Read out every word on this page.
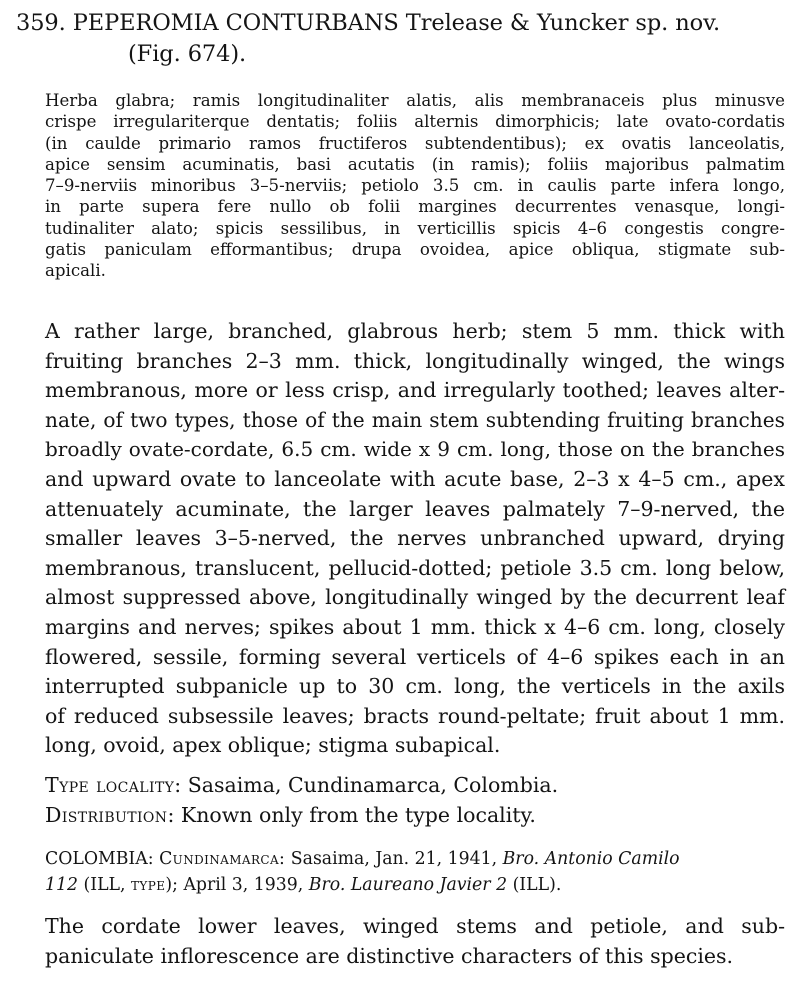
359. PEPEROMIA CONTURBANS Trelease & Yuncker sp. nov.
(Fig. 674).
Herba glabra; ramis longitudinaliter alatis, alis membranaceis plus minusve
crispe irregulariterque dentatis; foliis alternis dimorphicis; late ovato-cordatis
(in caulde primario ramos fructiferos subtendentibus); ex ovatis lanceolatis,
apice sensim acuminatis, basi acutatis (in ramis); foliis majoribus palmatim
7–9-nerviis minoribus 3–5-nerviis; petiolo 3.5 cm. in caulis parte infera longo,
in parte supera fere nullo ob folii margines decurrentes venasque, longi-
tudinaliter alato; spicis sessilibus, in verticillis spicis 4–6 congestis congre-
gatis paniculam efformantibus; drupa ovoidea, apice obliqua, stigmate sub-
apicali.
A rather large, branched, glabrous herb; stem 5 mm. thick with
fruiting branches 2–3 mm. thick, longitudinally winged, the wings
membranous, more or less crisp, and irregularly toothed; leaves alter-
nate, of two types, those of the main stem subtending fruiting branches
broadly ovate-cordate, 6.5 cm. wide x 9 cm. long, those on the branches
and upward ovate to lanceolate with acute base, 2–3 x 4–5 cm., apex
attenuately acuminate, the larger leaves palmately 7–9-nerved, the
smaller leaves 3–5-nerved, the nerves unbranched upward, drying
membranous, translucent, pellucid-dotted; petiole 3.5 cm. long below,
almost suppressed above, longitudinally winged by the decurrent leaf
margins and nerves; spikes about 1 mm. thick x 4–6 cm. long, closely
flowered, sessile, forming several verticels of 4–6 spikes each in an
interrupted subpanicle up to 30 cm. long, the verticels in the axils
of reduced subsessile leaves; bracts round-peltate; fruit about 1 mm.
long, ovoid, apex oblique; stigma subapical.
Type locality: Sasaima, Cundinamarca, Colombia.
Distribution: Known only from the type locality.
COLOMBIA: Cundinamarca: Sasaima, Jan. 21, 1941, Bro. Antonio Camilo
112 (ILL, type); April 3, 1939, Bro. Laureano Javier 2 (ILL).
The cordate lower leaves, winged stems and petiole, and sub-
paniculate inflorescence are distinctive characters of this species.
